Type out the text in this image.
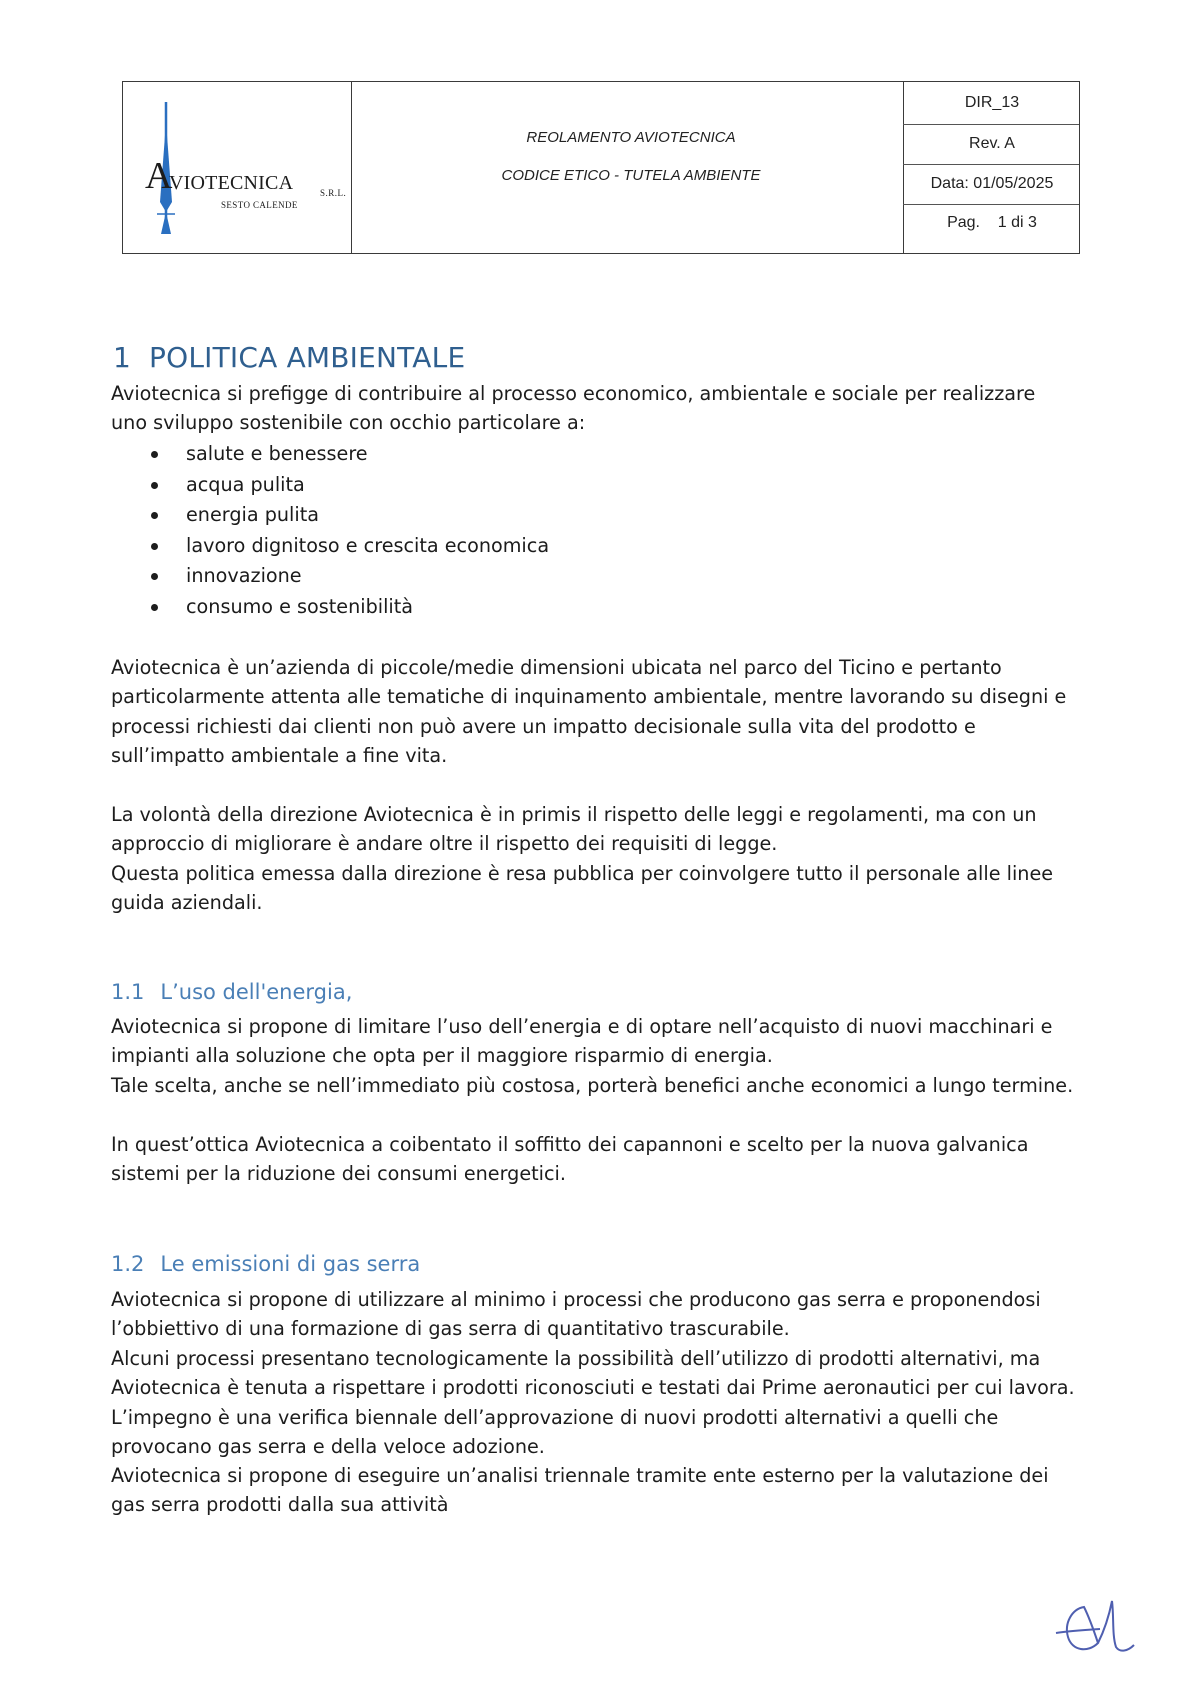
A
VIOTECNICA	S.R.L.
SESTO CALENDE
REOLAMENTO AVIOTECNICA
CODICE ETICO - TUTELA AMBIENTE
DIR_13
Rev. A
Data: 01/05/2025
Pag.    1 di 3
1 POLITICA AMBIENTALE

Aviotecnica si prefigge di contribuire al processo economico, ambientale e sociale per realizzare uno sviluppo sostenibile con occhio particolare a:

salute e benessere
acqua pulita
energia pulita
lavoro dignitoso e crescita economica
innovazione
consumo e sostenibilità
Aviotecnica è un’azienda di piccole/medie dimensioni ubicata nel parco del Ticino e pertanto particolarmente attenta alle tematiche di inquinamento ambientale, mentre lavorando su disegni e processi richiesti dai clienti non può avere un impatto decisionale sulla vita del prodotto e sull’impatto ambientale a fine vita.
La volontà della direzione Aviotecnica è in primis il rispetto delle leggi e regolamenti, ma con un approccio di migliorare è andare oltre il rispetto dei requisiti di legge.
Questa politica emessa dalla direzione è resa pubblica per coinvolgere tutto il personale alle linee guida aziendali.
1.1 L’uso dell'energia,
Aviotecnica si propone di limitare l’uso dell’energia e di optare nell’acquisto di nuovi macchinari e impianti alla soluzione che opta per il maggiore risparmio di energia.
Tale scelta, anche se nell’immediato più costosa, porterà benefici anche economici a lungo termine.
In quest’ottica Aviotecnica a coibentato il soffitto dei capannoni e scelto per la nuova galvanica sistemi per la riduzione dei consumi energetici.
1.2 Le emissioni di gas serra
Aviotecnica si propone di utilizzare al minimo i processi che producono gas serra e proponendosi l’obbiettivo di una formazione di gas serra di quantitativo trascurabile.
Alcuni processi presentano tecnologicamente la possibilità dell’utilizzo di prodotti alternativi, ma Aviotecnica è tenuta a rispettare i prodotti riconosciuti e testati dai Prime aeronautici per cui lavora. L’impegno è una verifica biennale dell’approvazione di nuovi prodotti alternativi a quelli che provocano gas serra e della veloce adozione.
Aviotecnica si propone di eseguire un’analisi triennale tramite ente esterno per la valutazione dei gas serra prodotti dalla sua attività
